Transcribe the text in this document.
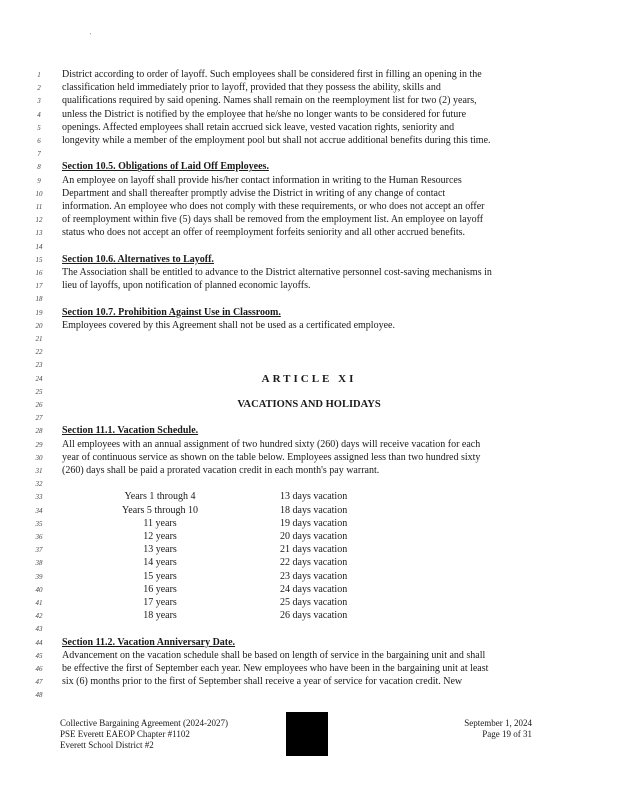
'
1	District according to order of layoff. Such employees shall be considered first in filling an opening in the
2	classification held immediately prior to layoff, provided that they possess the ability, skills and
3	qualifications required by said opening. Names shall remain on the reemployment list for two (2) years,
4	unless the District is notified by the employee that he/she no longer wants to be considered for future
5	openings. Affected employees shall retain accrued sick leave, vested vacation rights, seniority and
6	longevity while a member of the employment pool but shall not accrue additional benefits during this time.
7
8	Section 10.5. Obligations of Laid Off Employees.
9	An employee on layoff shall provide his/her contact information in writing to the Human Resources
10 Department and shall thereafter promptly advise the District in writing of any change of contact
11 information. An employee who does not comply with these requirements, or who does not accept an offer
12 of reemployment within five (5) days shall be removed from the employment list. An employee on layoff
13 status who does not accept an offer of reemployment forfeits seniority and all other accrued benefits.
14
15 Section 10.6. Alternatives to Layoff.
16 The Association shall be entitled to advance to the District alternative personnel cost-saving mechanisms in
17 lieu of layoffs, upon notification of planned economic layoffs.
18
19 Section 10.7. Prohibition Against Use in Classroom.
20 Employees covered by this Agreement shall not be used as a certificated employee.
21
22
23
24	ARTICLE XI
25
26	VACATIONS AND HOLIDAYS
27
28 Section 11.1. Vacation Schedule.
29 All employees with an annual assignment of two hundred sixty (260) days will receive vacation for each
30 year of continuous service as shown on the table below. Employees assigned less than two hundred sixty
31 (260) days shall be paid a prorated vacation credit in each month's pay warrant.
32
33	Years 1 through 4	13 days vacation
34	Years 5 through 10	18 days vacation
35	11 years	19 days vacation
36	12 years	20 days vacation
37	13 years	21 days vacation
38	14 years	22 days vacation
39	15 years	23 days vacation
40	16 years	24 days vacation
41	17 years	25 days vacation
42	18 years	26 days vacation
43
44 Section 11.2. Vacation Anniversary Date.
45 Advancement on the vacation schedule shall be based on length of service in the bargaining unit and shall
46 be effective the first of September each year. New employees who have been in the bargaining unit at least
47 six (6) months prior to the first of September shall receive a year of service for vacation credit. New
48
Collective Bargaining Agreement (2024-2027)
PSE Everett EAEOP Chapter #1102
Everett School District #2
September 1, 2024
Page 19 of 31
